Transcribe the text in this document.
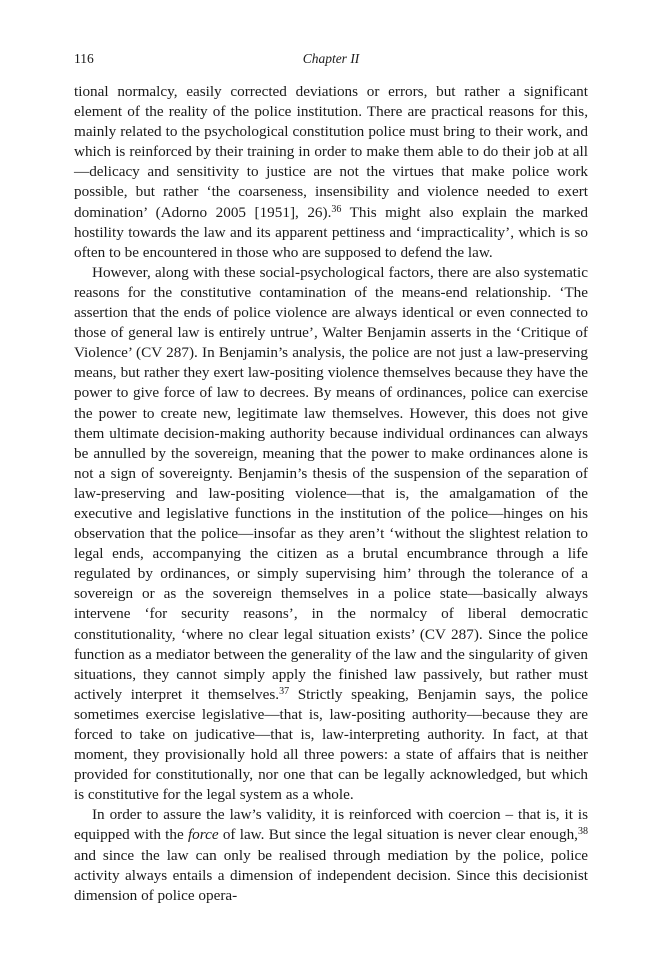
116	Chapter II

tional normalcy, easily corrected deviations or errors, but rather a significant element of the reality of the police institution. There are practical reasons for this, mainly related to the psychological constitution police must bring to their work, and which is reinforced by their training in order to make them able to do their job at all—delicacy and sensitivity to justice are not the virtues that make police work possible, but rather ‘the coarseness, insensibility and violence needed to exert domination’ (Adorno 2005 [1951], 26).$^{36}$ This might also explain the marked hostility towards the law and its apparent pettiness and ‘impracticality’, which is so often to be encountered in those who are supposed to defend the law.

However, along with these social-psychological factors, there are also systematic reasons for the constitutive contamination of the means-end relationship. ‘The assertion that the ends of police violence are always identical or even connected to those of general law is entirely untrue’, Walter Benjamin asserts in the ‘Critique of Violence’ (CV 287). In Benjamin’s analysis, the police are not just a law-preserving means, but rather they exert law-positing violence themselves because they have the power to give force of law to decrees. By means of ordinances, police can exercise the power to create new, legitimate law themselves. However, this does not give them ultimate decision-making authority because individual ordinances can always be annulled by the sovereign, meaning that the power to make ordinances alone is not a sign of sovereignty. Benjamin’s thesis of the suspension of the separation of law-preserving and law-positing violence—that is, the amalgamation of the executive and legislative functions in the institution of the police—hinges on his observation that the police—insofar as they aren’t ‘without the slightest relation to legal ends, accompanying the citizen as a brutal encumbrance through a life regulated by ordinances, or simply supervising him’ through the tolerance of a sovereign or as the sovereign themselves in a police state—basically always intervene ‘for security reasons’, in the normalcy of liberal democratic constitutionality, ‘where no clear legal situation exists’ (CV 287). Since the police function as a mediator between the generality of the law and the singularity of given situations, they cannot simply apply the finished law passively, but rather must actively interpret it themselves.$^{37}$ Strictly speaking, Benjamin says, the police sometimes exercise legislative—that is, law-positing authority—because they are forced to take on judicative—that is, law-interpreting authority. In fact, at that moment, they provisionally hold all three powers: a state of affairs that is neither provided for constitutionally, nor one that can be legally acknowledged, but which is constitutive for the legal system as a whole.

In order to assure the law’s validity, it is reinforced with coercion – that is, it is equipped with the force of law. But since the legal situation is never clear enough,$^{38}$ and since the law can only be realised through mediation by the police, police activity always entails a dimension of independent decision. Since this decisionist dimension of police opera-
